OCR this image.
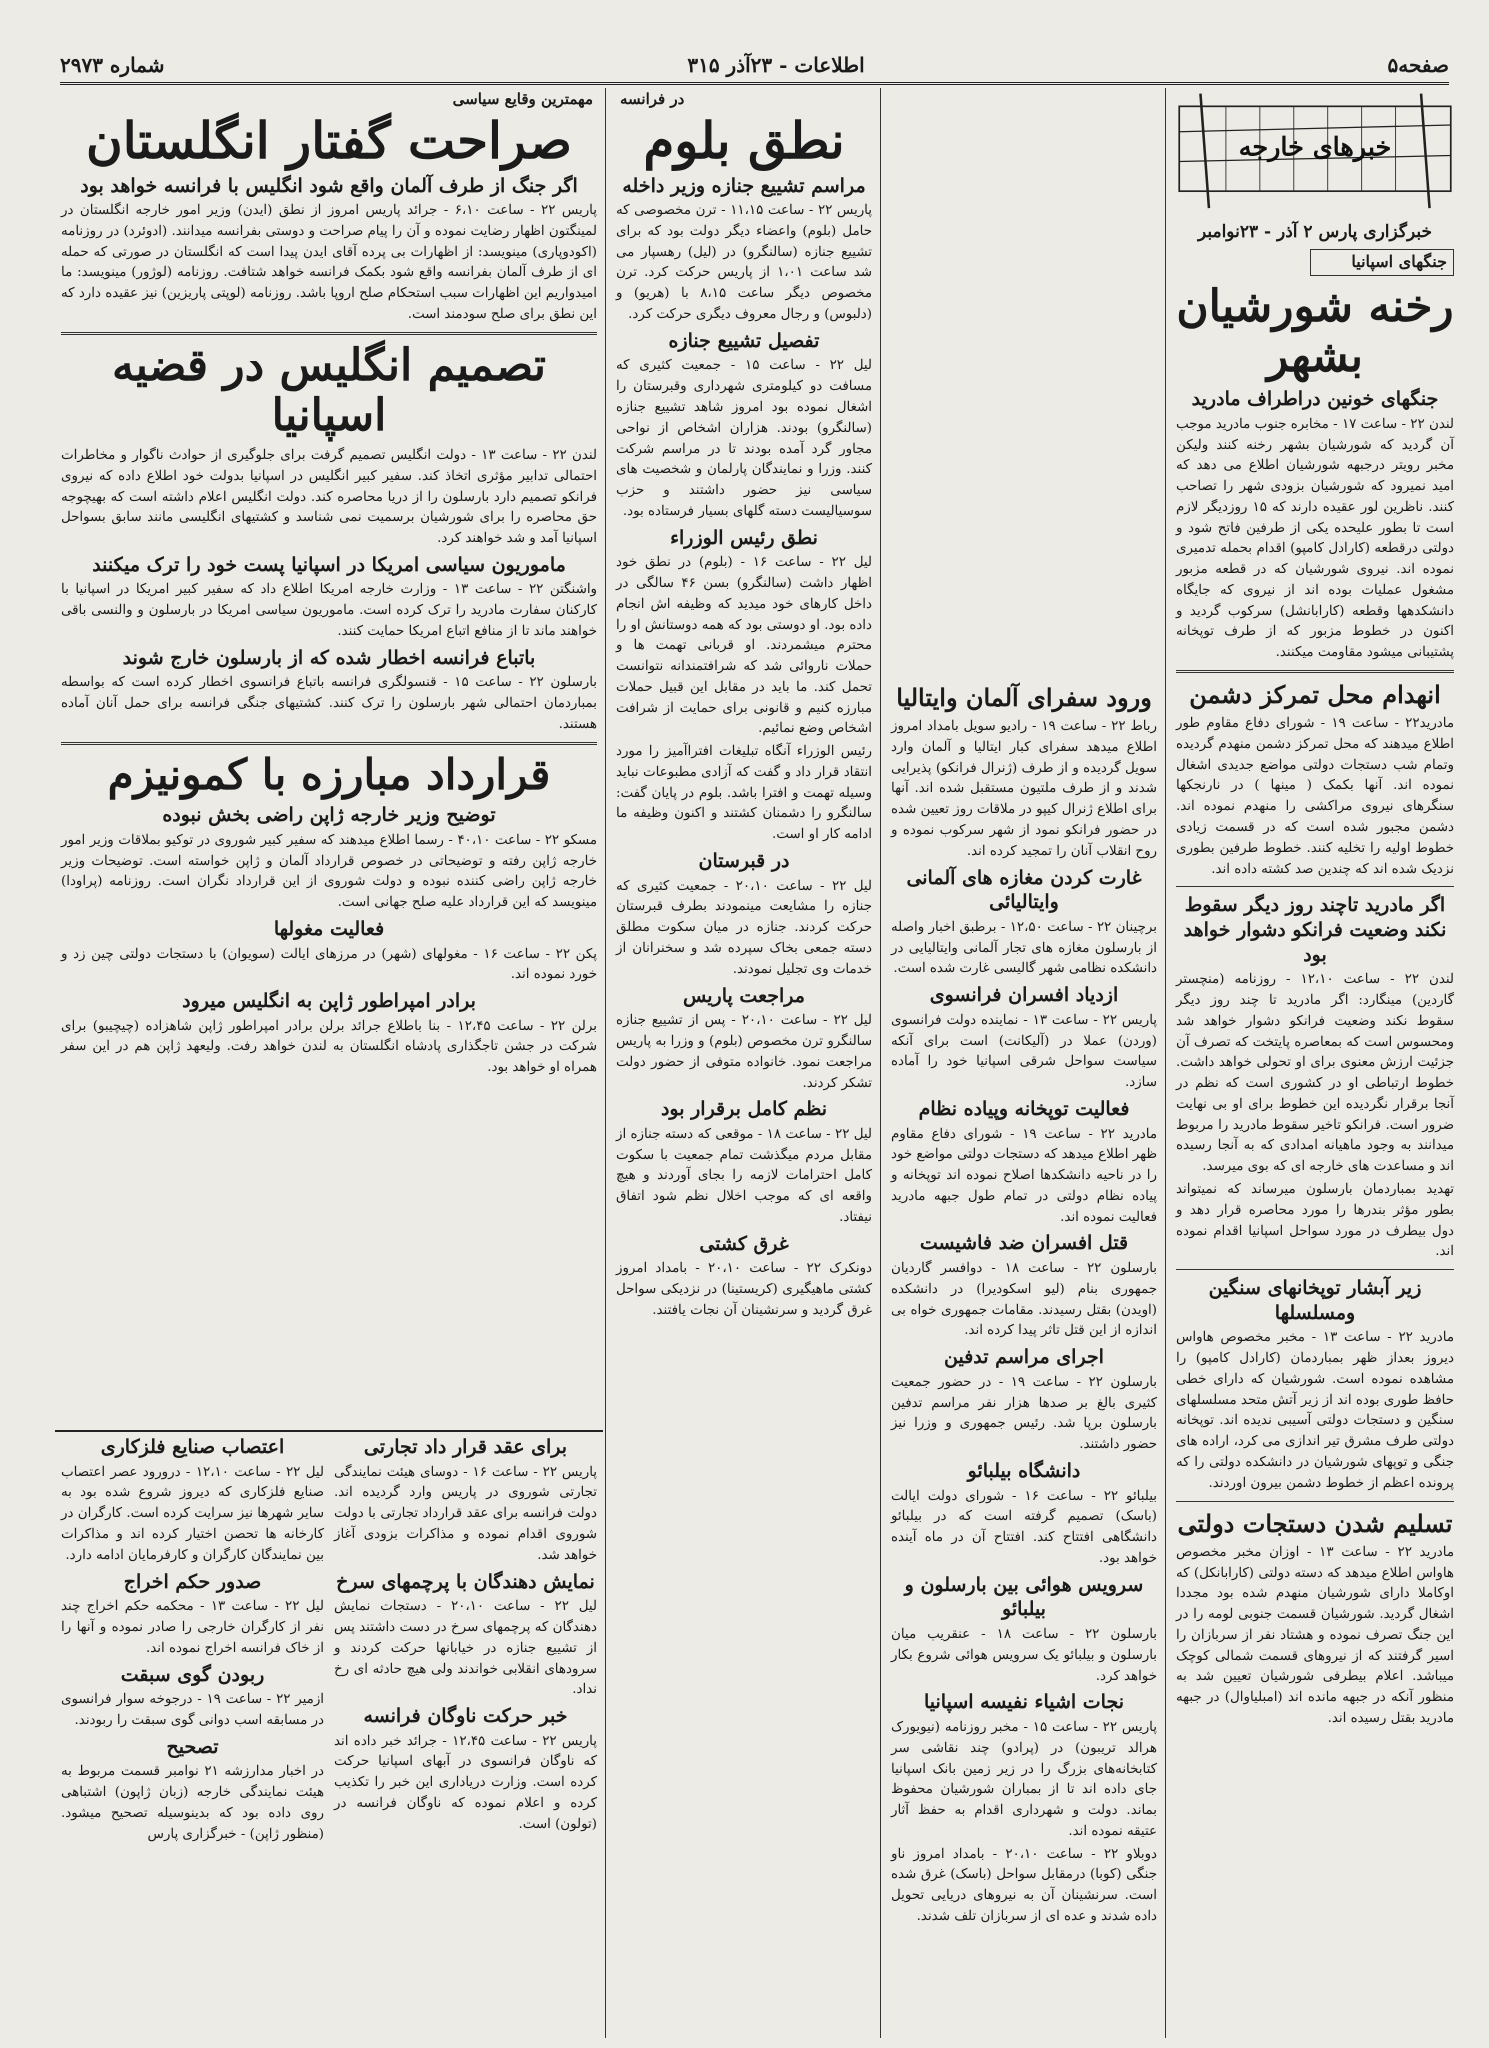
صفحه۵
اطلاعات - ۲۳آذر ۳۱۵
شماره ۲۹۷۳
خبرهای خارجه
خبرگزاری پارس ۲ آذر - ۲۳نوامبر
جنگهای اسپانیا
رخنه شورشیان بشهر
جنگهای خونین دراطراف مادرید

لندن ۲۲ - ساعت ۱۷ - مخابره جنوب مادرید موجب آن گردید که شورشیان بشهر رخنه کنند وليكن مخبر رويتر درجبهه شورشيان اطلاع می دهد که امید نمیرود که شورشیان بزودی شهر را تصاحب کنند. ناظرین لور عقیده دارند که ۱۵ روزدیگر لازم است تا بطور علیحده یکی از طرفین فاتح شود و دولتی درقطعه (کارادل کامپو) اقدام بحمله تدمیری نموده اند. نیروی شورشیان که در قطعه مزبور مشغول عملیات بوده اند از نیروی که جایگاه دانشکدهها وقطعه (کارابانشل) سرکوب گردید و اکنون در خطوط مزبور که از طرف توپخانه پشتیبانی میشود مقاومت میکنند.

انهدام محل تمرکز دشمن

مادرید۲۲ - ساعت ۱۹ - شورای دفاع مقاوم طور اطلاع میدهند که محل تمرکز دشمن منهدم گردیده وتمام شب دستجات دولتی مواضع جدیدی اشغال نموده اند. آنها بکمک ( مینها ) در نارنجکها سنگرهای نیروی مراکشی را منهدم نموده اند. دشمن مجبور شده است که در قسمت زیادی خطوط اولیه را تخلیه کنند. خطوط طرفین بطوری نزدیک شده اند که چندین صد کشته داده اند.

اگر مادرید تاچند روز دیگر سقوط نکند وضعیت فرانکو دشوار خواهد بود

لندن ۲۲ - ساعت ۱۲،۱۰ - روزنامه (منچستر گاردین) مینگارد: اگر مادرید تا چند روز دیگر سقوط نکند وضعیت فرانکو دشوار خواهد شد ومحسوس است که بمعاصره پایتخت که تصرف آن جزئیت ارزش معنوی برای او تحولی خواهد داشت. خطوط ارتباطی او در کشوری است که نظم در آنجا برقرار نگردیده این خطوط برای او بی نهایت ضرور است. فرانکو تاخیر سقوط مادرید را مربوط میدانند به وجود ماهیانه امدادی که به آنجا رسیده اند و مساعدت های خارجه ای که بوی میرسد.

تهدید بمباردمان بارسلون میرساند که نمیتواند بطور مؤثر بندرها را مورد محاصره قرار دهد و دول بیطرف در مورد سواحل اسپانیا اقدام نموده اند.

زیر آبشار توپخانهای سنگین ومسلسلها

مادرید ۲۲ - ساعت ۱۳ - مخبر مخصوص هاواس دیروز بعداز ظهر بمباردمان (کارادل کامپو) را مشاهده نموده است. شورشیان که دارای خطی حافظ طوری بوده اند از زیر آتش متحد مسلسلهای سنگین و دستجات دولتی آسیبی ندیده اند. توپخانه دولتی طرف مشرق تیر اندازی می کرد، اراده های جنگی و توپهای شورشیان در دانشکده دولتی را که پرونده اعظم از خطوط دشمن بیرون اوردند.

تسلیم شدن دستجات دولتی

مادرید ۲۲ - ساعت ۱۳ - اوزان مخبر مخصوص هاواس اطلاع میدهد که دسته دولتی (کارابانکل) که اوکاملا دارای شورشیان منهدم شده بود مجددا اشغال گردید. شورشیان قسمت جنوبی لومه را در این جنگ تصرف نموده و هشتاد نفر از سربازان را اسیر گرفتند که از نیروهای قسمت شمالی کوچک میباشد. اعلام بیطرفی شورشیان تعیین شد به منظور آنکه در جبهه مانده اند (امبلیاوال) در جبهه مادرید بقتل رسیده اند.

ورود سفرای آلمان وایتالیا

رباط ۲۲ - ساعت ۱۹ - رادیو سویل بامداد امروز اطلاع میدهد سفرای کبار ایتالیا و آلمان وارد سویل گردیده و از طرف (ژنرال فرانکو) پذیرایی شدند و از طرف ملتیون مستقبل شده اند. آنها برای اطلاع ژنرال کیپو در ملاقات روز تعیین شده در حضور فرانکو نمود از شهر سرکوب نموده و روح انقلاب آنان را تمجید کرده اند.

غارت کردن مغازه های آلمانی وایتالیائی

برچینان ۲۲ - ساعت ۱۲،۵۰ - برطبق اخبار واصله از بارسلون مغازه های تجار آلمانی وایتالیایی در دانشکده نظامی شهر گالیسی غارت شده است.

ازدیاد افسران فرانسوی

پاریس ۲۲ - ساعت ۱۳ - نماینده دولت فرانسوی (وردن) عملا در (آلیکانت) است برای آنکه سیاست سواحل شرقی اسپانیا خود را آماده سازد.

فعالیت توپخانه وپیاده نظام

مادرید ۲۲ - ساعت ۱۹ - شورای دفاع مقاوم ظهر اطلاع میدهد که دستجات دولتی مواضع خود را در ناحیه دانشکدها اصلاح نموده اند توپخانه و پیاده نظام دولتی در تمام طول جبهه مادرید فعالیت نموده اند.

قتل افسران ضد فاشیست

بارسلون ۲۲ - ساعت ۱۸ - دوافسر گاردیان جمهوری بنام (لیو اسکودیرا) در دانشکده (اویدن) بقتل رسیدند. مقامات جمهوری خواه بی اندازه از این قتل تاثر پیدا کرده اند.

اجرای مراسم تدفین

بارسلون ۲۲ - ساعت ۱۹ - در حضور جمعیت کثیری بالغ بر صدها هزار نفر مراسم تدفین بارسلون برپا شد. رئیس جمهوری و وزرا نیز حضور داشتند.

دانشگاه بیلبائو

بیلبائو ۲۲ - ساعت ۱۶ - شورای دولت ایالت (باسک) تصمیم گرفته است که در بیلبائو دانشگاهی افتتاح کند. افتتاح آن در ماه آینده خواهد بود.

سرویس هوائی بین بارسلون و بیلبائو

بارسلون ۲۲ - ساعت ۱۸ - عنقریب میان بارسلون و بیلبائو یک سرویس هوائی شروع بکار خواهد کرد.

نجات اشیاء نفیسه اسپانیا

پاریس ۲۲ - ساعت ۱۵ - مخبر روزنامه (نیویورک هرالد تریبون) در (پرادو) چند نقاشی سر کتابخانه‌های بزرگ را در زیر زمین بانک اسپانیا جای داده اند تا از بمباران شورشیان محفوظ بماند. دولت و شهرداری اقدام به حفظ آثار عتیقه نموده اند.

دوبلاو ۲۲ - ساعت ۲۰،۱۰ - بامداد امروز ناو جنگی (کوبا) درمقابل سواحل (باسک) غرق شده است. سرنشینان آن به نیروهای دریایی تحویل داده شدند و عده ای از سربازان تلف شدند.

در فرانسه
نطق بلوم
مراسم تشییع جنازه وزیر داخله

پاریس ۲۲ - ساعت ۱۱،۱۵ - ترن مخصوصی که حامل (بلوم) واعضاء دیگر دولت بود که برای تشییع جنازه (سالنگرو) در (لیل) رهسپار می شد ساعت ۱،۰۱ از پاریس حرکت کرد. ترن مخصوص دیگر ساعت ۸،۱۵ با (هریو) و (دلبوس) و رجال معروف دیگری حرکت کرد.

تفصیل تشییع جنازه

لیل ۲۲ - ساعت ۱۵ - جمعیت کثیری که مسافت دو کیلومتری شهرداری وقبرستان را اشغال نموده بود امروز شاهد تشییع جنازه (سالنگرو) بودند. هزاران اشخاص از نواحی مجاور گرد آمده بودند تا در مراسم شرکت کنند. وزرا و نمایندگان پارلمان و شخصیت های سیاسی نیز حضور داشتند و حزب سوسیالیست دسته گلهای بسیار فرستاده بود.

نطق رئیس الوزراء

لیل ۲۲ - ساعت ۱۶ - (بلوم) در نطق خود اظهار داشت (سالنگرو) بسن ۴۶ سالگی در داخل کارهای خود میدید که وظیفه اش انجام داده بود. او دوستی بود که همه دوستانش او را محترم میشمردند. او قربانی تهمت ها و حملات ناروائی شد که شرافتمندانه نتوانست تحمل کند. ما باید در مقابل این قبیل حملات مبارزه کنیم و قانونی برای حمایت از شرافت اشخاص وضع نمائیم.

رئیس الوزراء آنگاه تبلیغات افتراآمیز را مورد انتقاد قرار داد و گفت که آزادی مطبوعات نباید وسیله تهمت و افترا باشد. بلوم در پایان گفت: سالنگرو را دشمنان کشتند و اکنون وظیفه ما ادامه کار او است.

در قبرستان

لیل ۲۲ - ساعت ۲۰،۱۰ - جمعیت کثیری که جنازه را مشایعت مینمودند بطرف قبرستان حرکت کردند. جنازه در میان سکوت مطلق دسته جمعی بخاک سپرده شد و سخنرانان از خدمات وی تجلیل نمودند.

مراجعت پاریس

لیل ۲۲ - ساعت ۲۰،۱۰ - پس از تشییع جنازه سالنگرو ترن مخصوص (بلوم) و وزرا به پاریس مراجعت نمود. خانواده متوفی از حضور دولت تشکر کردند.

نظم کامل برقرار بود

لیل ۲۲ - ساعت ۱۸ - موقعی که دسته جنازه از مقابل مردم میگذشت تمام جمعیت با سکوت کامل احترامات لازمه را بجای آوردند و هیچ واقعه ای که موجب اخلال نظم شود اتفاق نیفتاد.

غرق کشتی

دونکرک ۲۲ - ساعت ۲۰،۱۰ - بامداد امروز کشتی ماهیگیری (کریستینا) در نزدیکی سواحل غرق گردید و سرنشینان آن نجات یافتند.

مهمترین وقایع سیاسی
صراحت گفتار انگلستان
اگر جنگ از طرف آلمان واقع شود انگلیس با فرانسه خواهد بود

پاریس ۲۲ - ساعت ۶،۱۰ - جرائد پاریس امروز از نطق (ایدن) وزیر امور خارجه انگلستان در لمینگتون اظهار رضایت نموده و آن را پیام صراحت و دوستی بفرانسه میدانند. (ادوئرد) در روزنامه (اکودوپاری) مینویسد: از اظهارات بی پرده آقای ایدن پیدا است که انگلستان در صورتی که حمله ای از طرف آلمان بفرانسه واقع شود بکمک فرانسه خواهد شتافت. روزنامه (لوژور) مینویسد: ما امیدواریم این اظهارات سبب استحکام صلح اروپا باشد. روزنامه (لوپتی پاریزین) نیز عقیده دارد که این نطق برای صلح سودمند است.

تصمیم انگلیس در قضیه اسپانیا

لندن ۲۲ - ساعت ۱۳ - دولت انگلیس تصمیم گرفت برای جلوگیری از حوادث ناگوار و مخاطرات احتمالی تدابیر مؤثری اتخاذ کند. سفیر کبیر انگلیس در اسپانیا بدولت خود اطلاع داده که نیروی فرانکو تصمیم دارد بارسلون را از دریا محاصره کند. دولت انگلیس اعلام داشته است که بهیچوجه حق محاصره را برای شورشیان برسمیت نمی شناسد و کشتیهای انگلیسی مانند سابق بسواحل اسپانیا آمد و شد خواهند کرد.

ماموریون سیاسی امریکا در اسپانیا پست خود را ترک میکنند

واشنگتن ۲۲ - ساعت ۱۳ - وزارت خارجه امریکا اطلاع داد که سفیر کبیر امریکا در اسپانیا با کارکنان سفارت مادرید را ترک کرده است. ماموریون سیاسی امریکا در بارسلون و والنسی باقی خواهند ماند تا از منافع اتباع امریکا حمایت کنند.

باتباع فرانسه اخطار شده که از بارسلون خارج شوند

بارسلون ۲۲ - ساعت ۱۵ - قنسولگری فرانسه باتباع فرانسوی اخطار کرده است که بواسطه بمباردمان احتمالی شهر بارسلون را ترک کنند. کشتیهای جنگی فرانسه برای حمل آنان آماده هستند.

قرارداد مبارزه با کمونیزم
توضیح وزیر خارجه ژاپن راضی بخش نبوده

مسکو ۲۲ - ساعت ۴۰،۱۰ - رسما اطلاع میدهند که سفیر کبیر شوروی در توکیو بملاقات وزیر امور خارجه ژاپن رفته و توضیحاتی در خصوص قرارداد آلمان و ژاپن خواسته است. توضیحات وزیر خارجه ژاپن راضی کننده نبوده و دولت شوروی از این قرارداد نگران است. روزنامه (پراودا) مینویسد که این قرارداد علیه صلح جهانی است.

فعالیت مغولها

پکن ۲۲ - ساعت ۱۶ - مغولهای (شهر) در مرزهای ایالت (سویوان) با دستجات دولتی چین زد و خورد نموده اند.

برادر امپراطور ژاپن به انگلیس میرود

برلن ۲۲ - ساعت ۱۲،۴۵ - بنا باطلاع جرائد برلن برادر امپراطور ژاپن شاهزاده (چیچیبو) برای شرکت در جشن تاجگذاری پادشاه انگلستان به لندن خواهد رفت. ولیعهد ژاپن هم در این سفر همراه او خواهد بود.

برای عقد قرار داد تجارتی

پاریس ۲۲ - ساعت ۱۶ - دوسای هیئت نمایندگی تجارتی شوروی در پاریس وارد گردیده اند. دولت فرانسه برای عقد قرارداد تجارتی با دولت شوروی اقدام نموده و مذاکرات بزودی آغاز خواهد شد.

نمایش دهندگان با پرچمهای سرخ

لیل ۲۲ - ساعت ۲۰،۱۰ - دستجات نمایش دهندگان که پرچمهای سرخ در دست داشتند پس از تشییع جنازه در خیابانها حرکت کردند و سرودهای انقلابی خواندند ولی هیچ حادثه ای رخ نداد.

خبر حرکت ناوگان فرانسه

پاریس ۲۲ - ساعت ۱۲،۴۵ - جرائد خبر داده اند که ناوگان فرانسوی در آبهای اسپانیا حرکت کرده است. وزارت دریاداری این خبر را تکذیب کرده و اعلام نموده که ناوگان فرانسه در (تولون) است.

اعتصاب صنایع فلزکاری

لیل ۲۲ - ساعت ۱۲،۱۰ - درورود عصر اعتصاب صنایع فلزکاری که دیروز شروع شده بود به سایر شهرها نیز سرایت کرده است. کارگران در کارخانه ها تحصن اختیار کرده اند و مذاکرات بین نمایندگان کارگران و کارفرمایان ادامه دارد.

صدور حکم اخراج

لیل ۲۲ - ساعت ۱۳ - محکمه حکم اخراج چند نفر از کارگران خارجی را صادر نموده و آنها را از خاک فرانسه اخراج نموده اند.

ربودن گوی سبقت

ازمیر ۲۲ - ساعت ۱۹ - درجوخه سوار فرانسوی در مسابقه اسب دوانی گوی سبقت را ربودند.

تصحیح

در اخبار مدارزشه ۲۱ نوامبر قسمت مربوط به هیئت نمایندگی خارجه (زبان ژاپون) اشتباهی روی داده بود که بدینوسیله تصحیح میشود. (منظور ژاپن) - خبرگزاری پارس
